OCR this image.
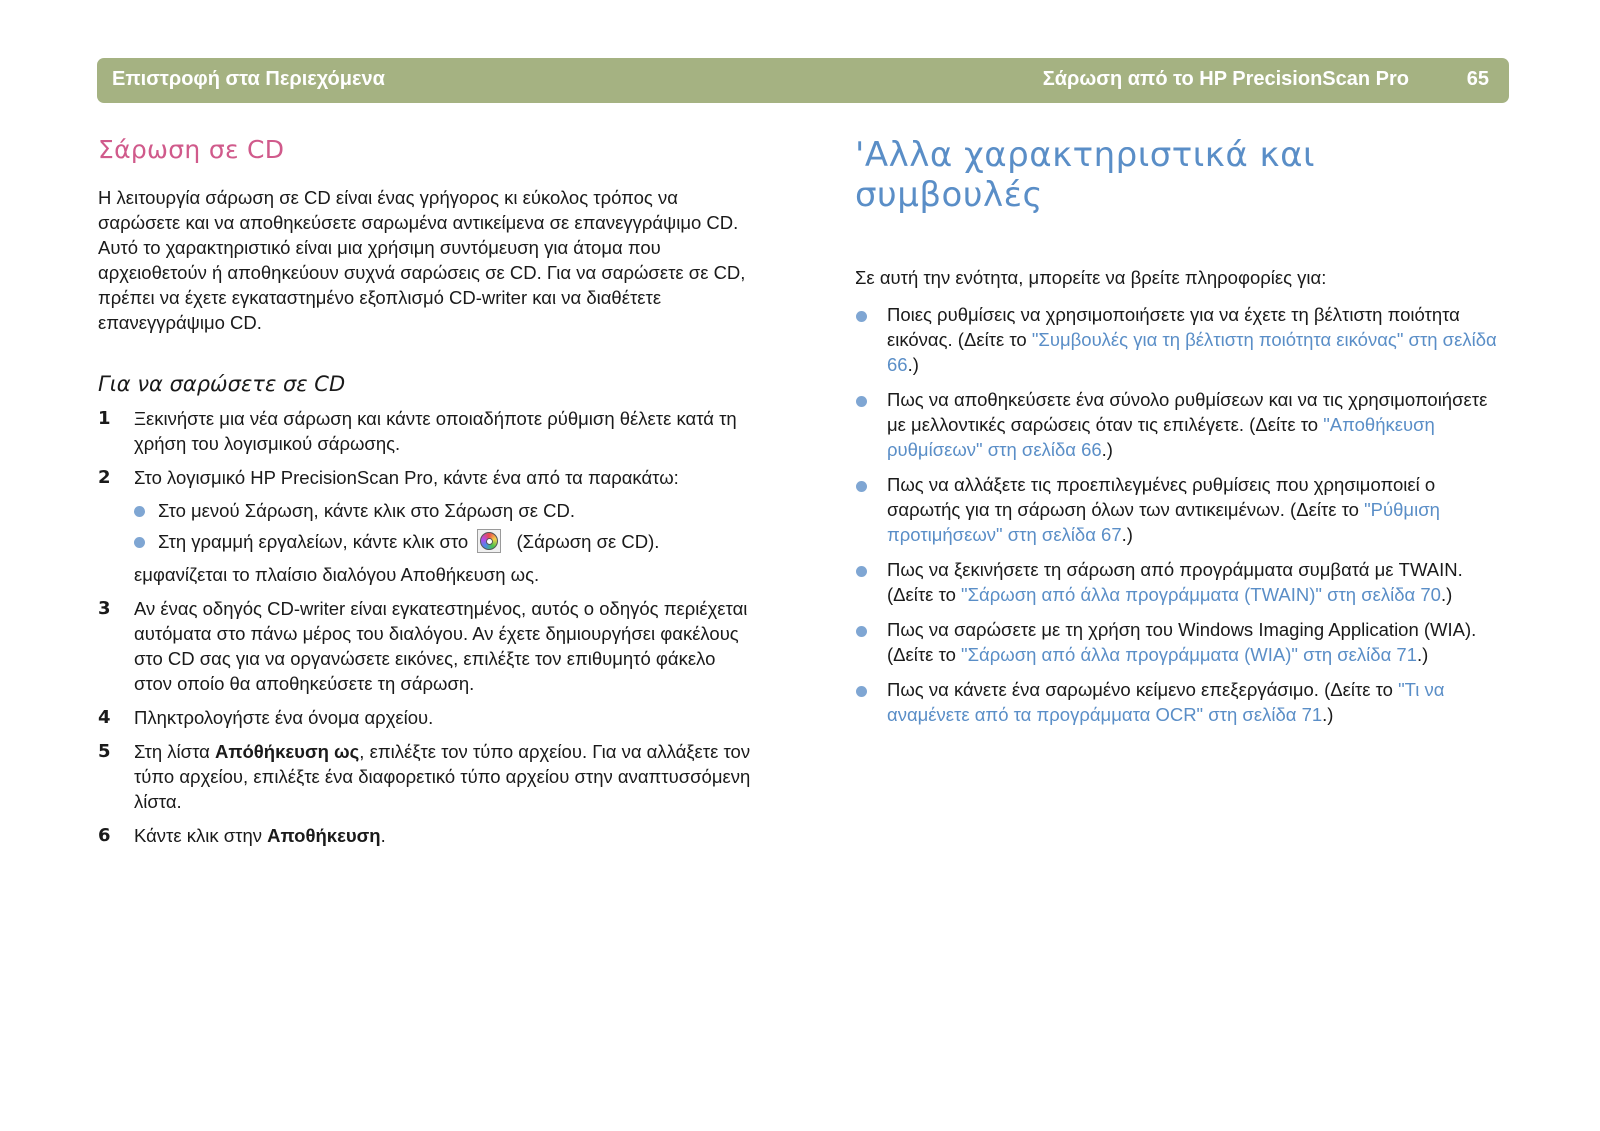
Επιστροφή στα Περιεχόμενα	Σάρωση από το HP PrecisionScan Pro	65
Σάρωση σε CD

Η λειτουργία σάρωση σε CD είναι ένας γρήγορος κι εύκολος τρόπος να σαρώσετε και να αποθηκεύσετε σαρωμένα αντικείμενα σε επανεγγράψιμο CD. Αυτό το χαρακτηριστικό είναι μια χρήσιμη συντόμευση για άτομα που αρχειοθετούν ή αποθηκεύουν συχνά σαρώσεις σε CD. Για να σαρώσετε σε CD, πρέπει να έχετε εγκαταστημένο εξοπλισμό CD-writer και να διαθέτετε επανεγγράψιμο CD.

Για να σαρώσετε σε CD
1 Ξεκινήστε μια νέα σάρωση και κάντε οποιαδήποτε ρύθμιση θέλετε κατά τη χρήση του λογισμικού σάρωσης.
2 Στο λογισμικό HP PrecisionScan Pro, κάντε ένα από τα παρακάτω:
Στο μενού Σάρωση, κάντε κλικ στο Σάρωση σε CD.
Στη γραμμή εργαλείων, κάντε κλικ στο	(Σάρωση σε CD).
εμφανίζεται το πλαίσιο διαλόγου Αποθήκευση ως.
3 Αν ένας οδηγός CD-writer είναι εγκατεστημένος, αυτός ο οδηγός περιέχεται αυτόματα στο πάνω μέρος του διαλόγου. Αν έχετε δημιουργήσει φακέλους στο CD σας για να οργανώσετε εικόνες, επιλέξτε τον επιθυμητό φάκελο στον οποίο θα αποθηκεύσετε τη σάρωση.
4 Πληκτρολογήστε ένα όνομα αρχείου.
5 Στη λίστα Απόθήκευση ως, επιλέξτε τον τύπο αρχείου. Για να αλλάξετε τον τύπο αρχείου, επιλέξτε ένα διαφορετικό τύπο αρχείου στην αναπτυσσόμενη λίστα.
6 Κάντε κλικ στην Αποθήκευση.
'Αλλα χαρακτηριστικά και συμβουλές

Σε αυτή την ενότητα, μπορείτε να βρείτε πληροφορίες για:

Ποιες ρυθμίσεις να χρησιμοποιήσετε για να έχετε τη βέλτιστη ποιότητα εικόνας. (Δείτε το "Συμβουλές για τη βέλτιστη ποιότητα εικόνας" στη σελίδα 66.)
Πως να αποθηκεύσετε ένα σύνολο ρυθμίσεων και να τις χρησιμοποιήσετε με μελλοντικές σαρώσεις όταν τις επιλέγετε. (Δείτε το "Αποθήκευση ρυθμίσεων" στη σελίδα 66.)
Πως να αλλάξετε τις προεπιλεγμένες ρυθμίσεις που χρησιμοποιεί ο σαρωτής για τη σάρωση όλων των αντικειμένων. (Δείτε το "Ρύθμιση προτιμήσεων" στη σελίδα 67.)
Πως να ξεκινήσετε τη σάρωση από προγράμματα συμβατά με TWAIN. (Δείτε το "Σάρωση από άλλα προγράμματα (TWAIN)" στη σελίδα 70.)
Πως να σαρώσετε με τη χρήση του Windows Imaging Application (WIA). (Δείτε το "Σάρωση από άλλα προγράμματα (WIA)" στη σελίδα 71.)
Πως να κάνετε ένα σαρωμένο κείμενο επεξεργάσιμο. (Δείτε το "Τι να αναμένετε από τα προγράμματα OCR" στη σελίδα 71.)
